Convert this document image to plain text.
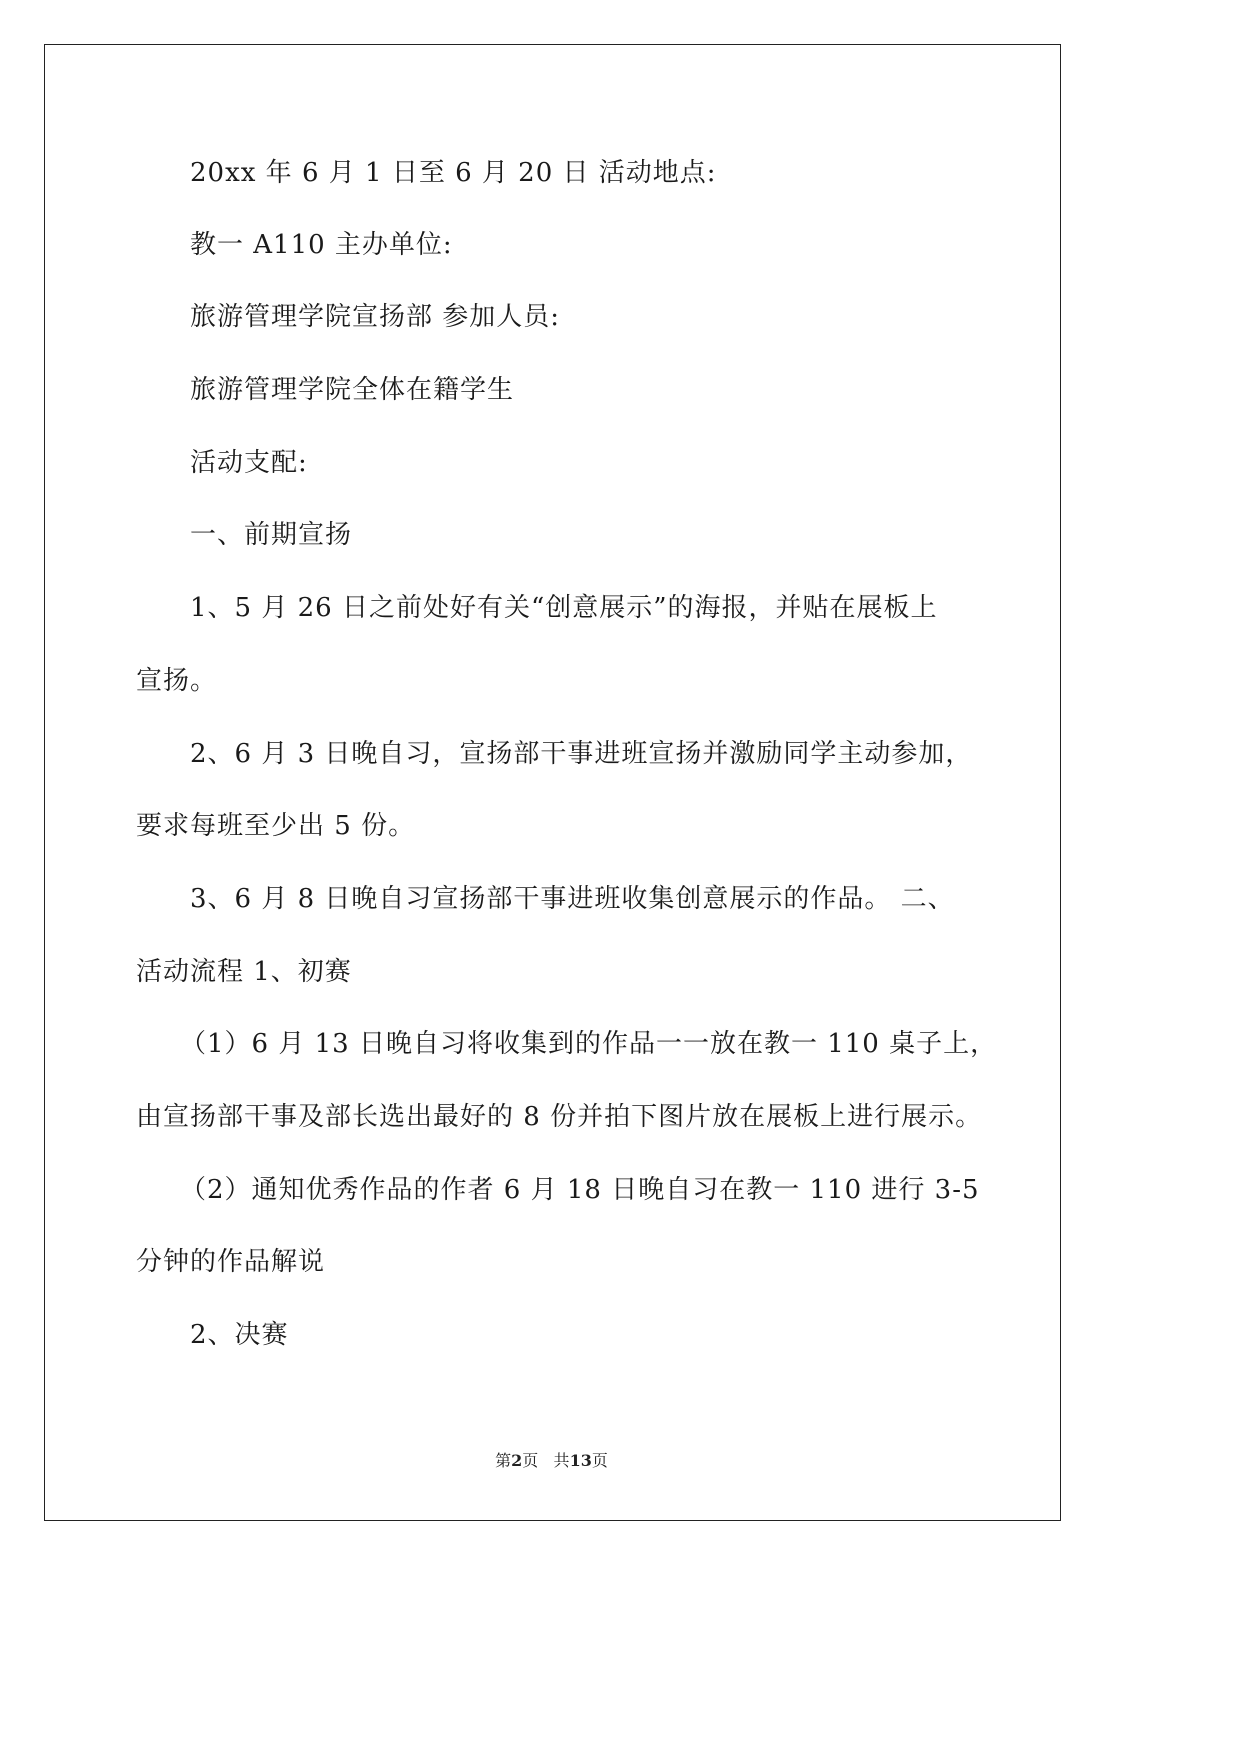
20xx 年 6 月 1 日至 6 月 20 日 活动地点:
教一 A110 主办单位:
旅游管理学院宣扬部 参加人员:
旅游管理学院全体在籍学生
活动支配:
一、前期宣扬
1、5 月 26 日之前处好有关“创意展示”的海报，并贴在展板上
宣扬。
2、6 月 3 日晚自习，宣扬部干事进班宣扬并激励同学主动参加，
要求每班至少出 5 份。
3、6 月 8 日晚自习宣扬部干事进班收集创意展示的作品。 二、
活动流程 1、初赛
（1）6 月 13 日晚自习将收集到的作品一一放在教一 110 桌子上，
由宣扬部干事及部长选出最好的 8 份并拍下图片放在展板上进行展示。
（2）通知优秀作品的作者 6 月 18 日晚自习在教一 110 进行 3-5
分钟的作品解说
2、决赛
第2页   共13页
